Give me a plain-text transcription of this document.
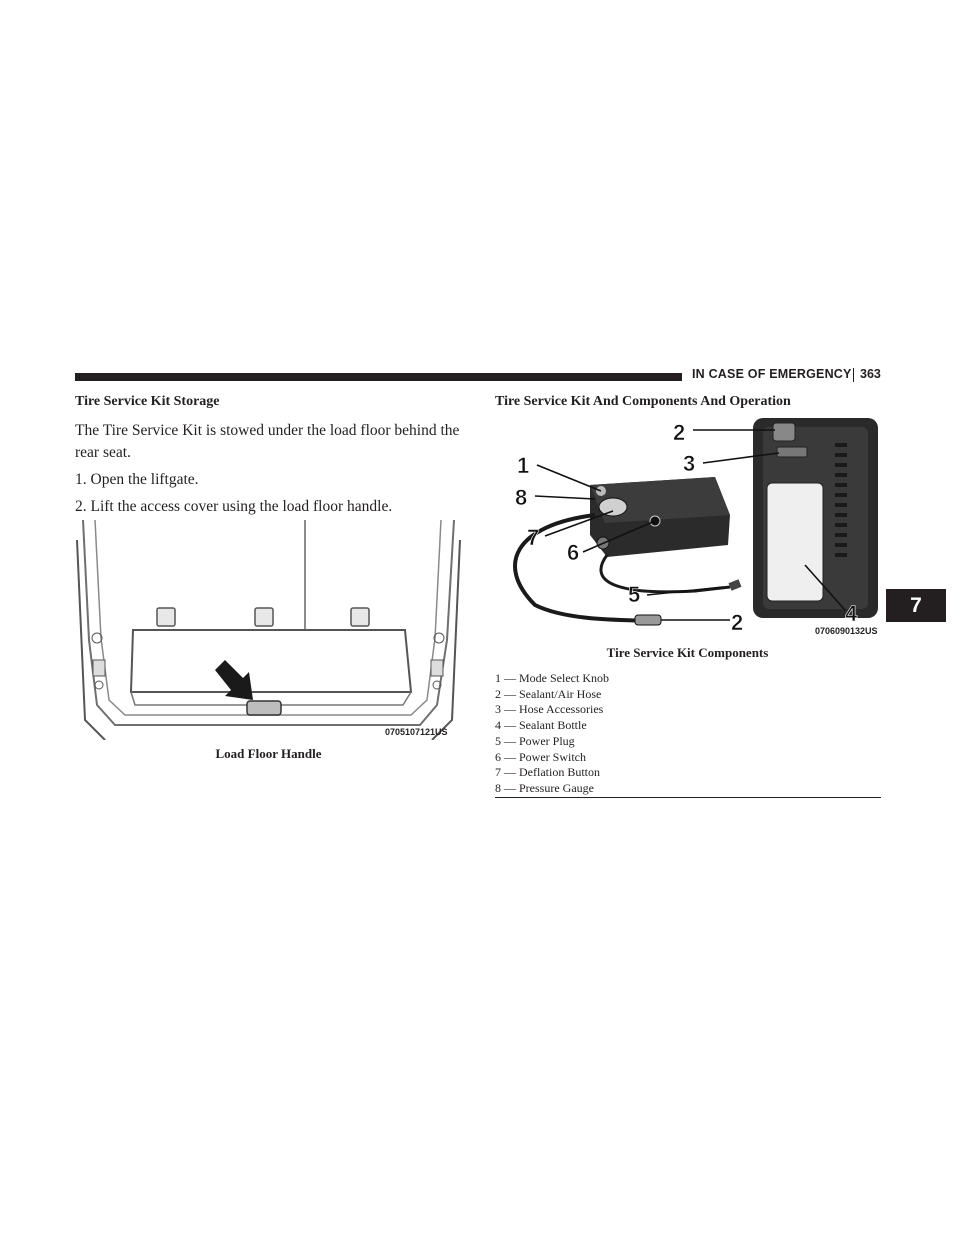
IN CASE OF EMERGENCY 363
7
Tire Service Kit Storage
The Tire Service Kit is stowed under the load floor behind the rear seat.
1. Open the liftgate.
2. Lift the access cover using the load floor handle.
0705107121US
Load Floor Handle
Tire Service Kit And Components And Operation
1
2
3
4
5
6
7
2
8
0706090132US
Tire Service Kit Components
1 — Mode Select Knob
2 — Sealant/Air Hose
3 — Hose Accessories
4 — Sealant Bottle
5 — Power Plug
6 — Power Switch
7 — Deflation Button
8 — Pressure Gauge
